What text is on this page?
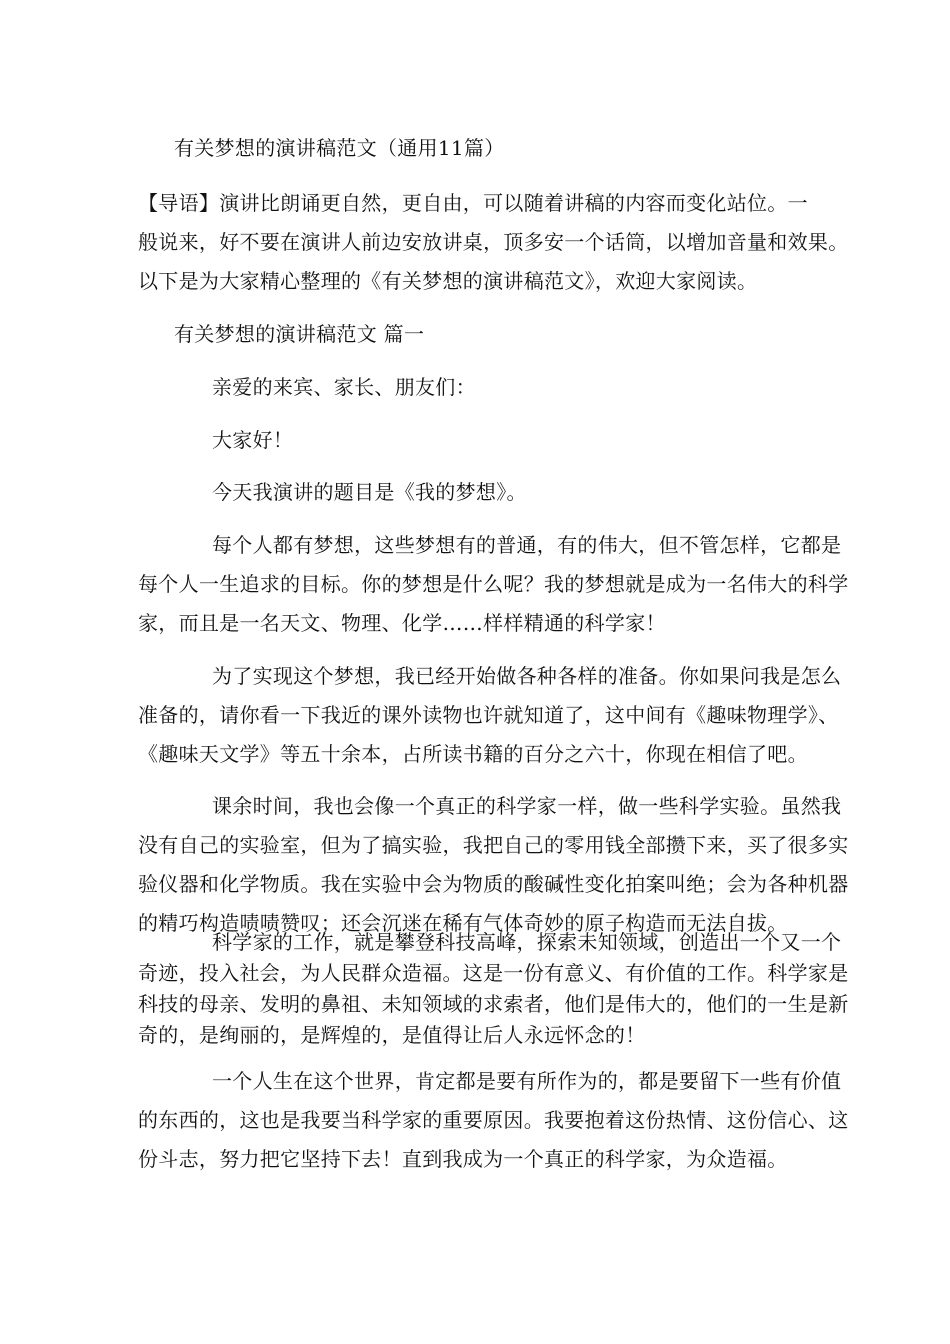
有关梦想的演讲稿范文（通用11篇）
【导语】演讲比朗诵更自然，更自由，可以随着讲稿的内容而变化站位。一
般说来，好不要在演讲人前边安放讲桌，顶多安一个话筒，以增加音量和效果。
以下是为大家精心整理的《有关梦想的演讲稿范文》，欢迎大家阅读。
有关梦想的演讲稿范文 篇一
亲爱的来宾、家长、朋友们：
大家好！
今天我演讲的题目是《我的梦想》。
每个人都有梦想，这些梦想有的普通，有的伟大，但不管怎样，它都是
每个人一生追求的目标。你的梦想是什么呢？我的梦想就是成为一名伟大的科学
家，而且是一名天文、物理、化学……样样精通的科学家！
为了实现这个梦想，我已经开始做各种各样的准备。你如果问我是怎么
准备的，请你看一下我近的课外读物也许就知道了，这中间有《趣味物理学》、
《趣味天文学》等五十余本，占所读书籍的百分之六十，你现在相信了吧。
课余时间，我也会像一个真正的科学家一样，做一些科学实验。虽然我
没有自己的实验室，但为了搞实验，我把自己的零用钱全部攒下来，买了很多实
验仪器和化学物质。我在实验中会为物质的酸碱性变化拍案叫绝；会为各种机器
的精巧构造啧啧赞叹；还会沉迷在稀有气体奇妙的原子构造而无法自拔。
科学家的工作，就是攀登科技高峰，探索未知领域，创造出一个又一个
奇迹，投入社会，为人民群众造福。这是一份有意义、有价值的工作。科学家是
科技的母亲、发明的鼻祖、未知领域的求索者，他们是伟大的，他们的一生是新
奇的，是绚丽的，是辉煌的，是值得让后人永远怀念的！
一个人生在这个世界，肯定都是要有所作为的，都是要留下一些有价值
的东西的，这也是我要当科学家的重要原因。我要抱着这份热情、这份信心、这
份斗志，努力把它坚持下去！直到我成为一个真正的科学家，为众造福。
